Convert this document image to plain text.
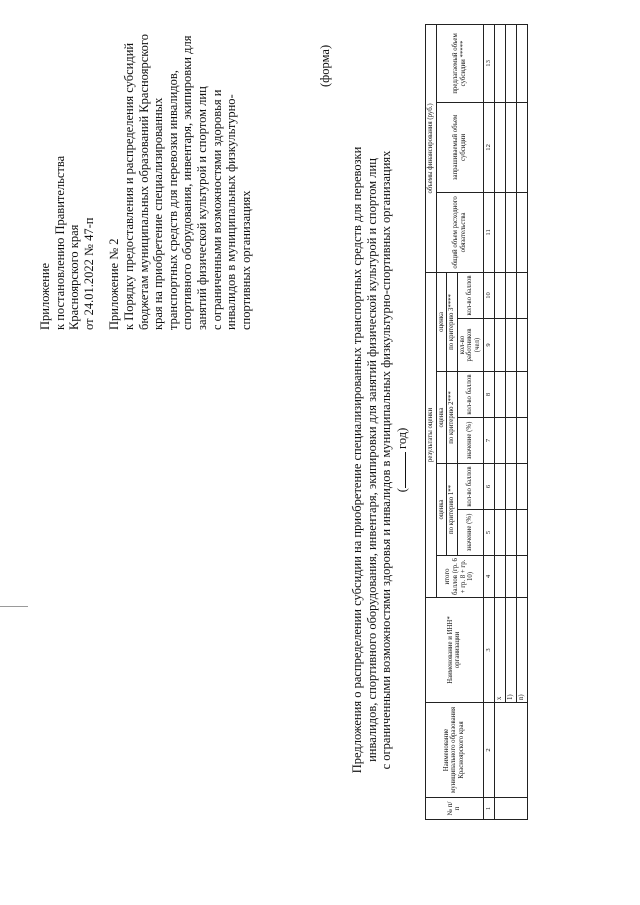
Приложение к постановлению Правительства Красноярского края от 24.01.2022 № 47-п Приложение № 2 к Порядку предоставления и распределения субсидий бюджетам муниципальных образований Красноярского края на приобретение специализированных транспортных средств для перевозки инвалидов, спортивного оборудования, инвентаря, экипировки для занятий физической культурой и спортом лиц с ограниченными возможностями здоровья и инвалидов в муниципальных физкультурно- спортивных организациях

(форма)

Предложения о распределении субсидии на приобретение специализированных транспортных средств для перевозки инвалидов, спортивного оборудования, инвентаря, экипировки для занятий физической культурой и спортом лиц с ограниченными возможностями здоровья и инвалидов в муниципальных физкультурно-спортивных организациях ( год)

№ п/п	Наименование муниципального образования Красноярского края	Наименование и ИНН* организации	результаты оценки							объемы финансирования (руб.)		
			итого баллов (гр. 6 + гр. 8 + гр. 10)	оценка		оценка		оценка		общий объем расходного обязательства	запрашиваемый объем субсидии	предлагаемый объем субсидии *****
				по критерию 1**		по критерию 2***		по критерию 3****				
				значение (%)	кол-во баллов	значение (%)	кол-во баллов	кол-во работников (чел)	кол-во баллов			
1	2	3	4	5	6	7	8	9	10	11	12	13
		х										
		1)										
		n)										
